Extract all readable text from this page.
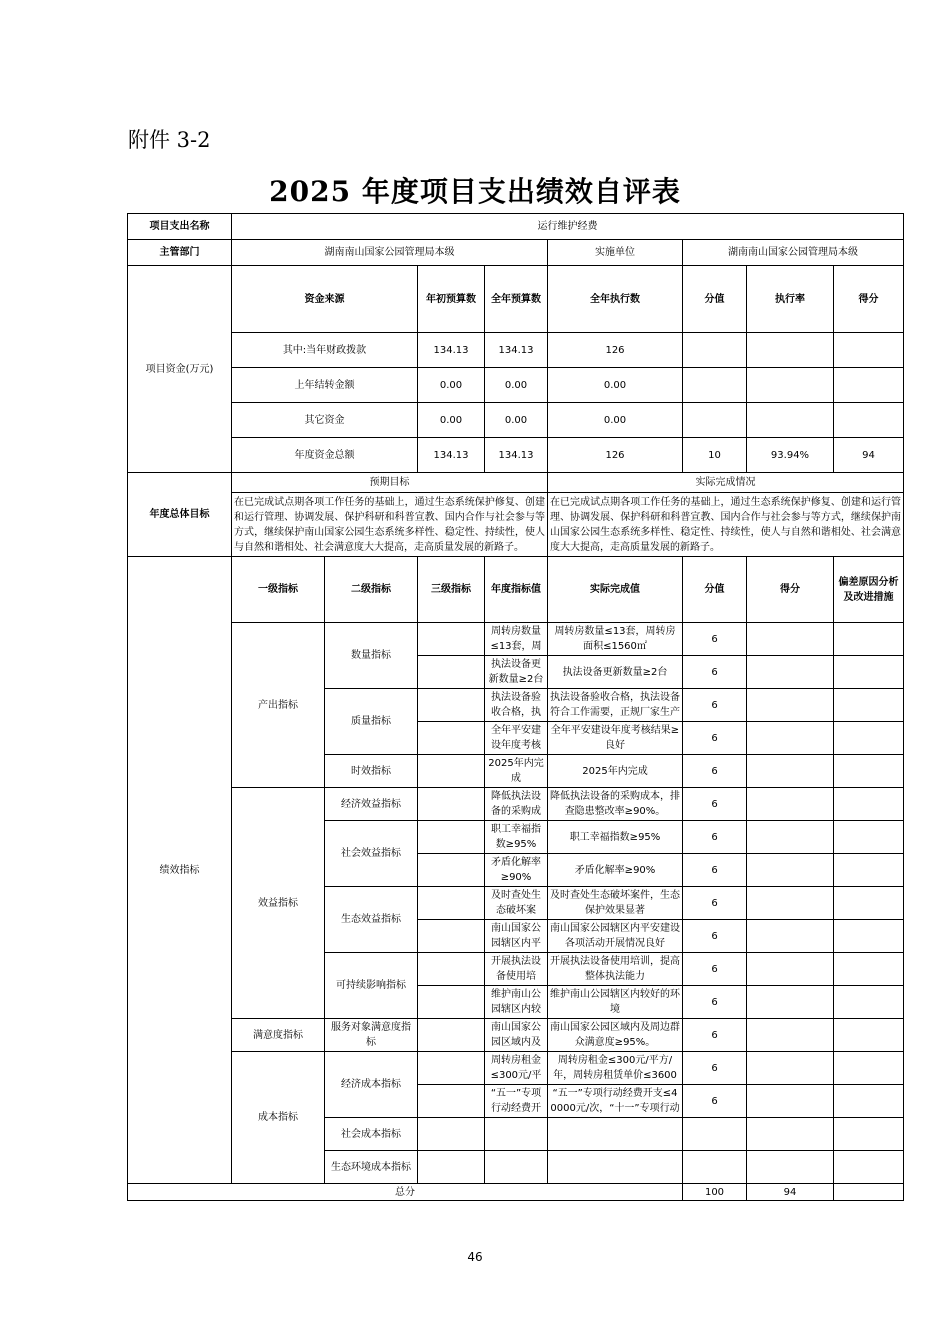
附件 3-2
2025 年度项目支出绩效自评表
项目支出名称	运行维护经费							
主管部门	湖南南山国家公园管理局本级				实施单位	湖南南山国家公园管理局本级		
项目资金(万元)	资金来源		年初预算数	全年预算数	全年执行数	分值	执行率	得分
	其中:当年财政拨款		134.13	134.13	126			
	上年结转金额		0.00	0.00	0.00			
	其它资金		0.00	0.00	0.00			
	年度资金总额		134.13	134.13	126	10	93.94%	94
年度总体目标	预期目标				实际完成情况			
	在已完成试点期各项工作任务的基础上，通过生态系统保护修复、创建和运行管理、协调发展、保护科研和科普宣教、国内合作与社会参与等方式，继续保护南山国家公园生态系统多样性、稳定性、持续性，使人与自然和谐相处、社会满意度大大提高，走高质量发展的新路子。				在已完成试点期各项工作任务的基础上，通过生态系统保护修复、创建和运行管理、协调发展、保护科研和科普宣教、国内合作与社会参与等方式，继续保护南山国家公园生态系统多样性、稳定性、持续性，使人与自然和谐相处、社会满意度大大提高，走高质量发展的新路子。			
绩效指标	一级指标	二级指标	三级指标	年度指标值	实际完成值	分值	得分	偏差原因分析及改进措施
	产出指标	数量指标		周转房数量≤13套，周	周转房数量≤13套，周转房面积≤1560㎡	6		

				执法设备更新数量≥2台	执法设备更新数量≥2台	6		
		质量指标		执法设备验收合格，执	执法设备验收合格，执法设备符合工作需要，正规厂家生产	6		

				全年平安建设年度考核	全年平安建设年度考核结果≥良好	6		
		时效指标		2025年内完成	2025年内完成	6		
	效益指标	经济效益指标		降低执法设备的采购成	降低执法设备的采购成本，排查隐患整改率≥90%。	6		
		社会效益指标		职工幸福指数≥95%	职工幸福指数≥95%	6		

				矛盾化解率≥90%	矛盾化解率≥90%	6		
		生态效益指标		及时查处生态破坏案	及时查处生态破坏案件，生态保护效果显著	6		

				南山国家公园辖区内平	南山国家公园辖区内平安建设各项活动开展情况良好	6		
		可持续影响指标		开展执法设备使用培	开展执法设备使用培训，提高整体执法能力	6		

				维护南山公园辖区内较	维护南山公园辖区内较好的环境	6		
	满意度指标	服务对象满意度指标		南山国家公园区域内及	南山国家公园区域内及周边群众满意度≥95%。	6		
	成本指标	经济成本指标		周转房租金≤300元/平	周转房租金≤300元/平方/年，周转房租赁单价≤3600	6		

				“五一”专项行动经费开	“五一”专项行动经费开支≤40000元/次，“十一”专项行动	6		
		社会成本指标						
		生态环境成本指标						
总分						100	94	
46
